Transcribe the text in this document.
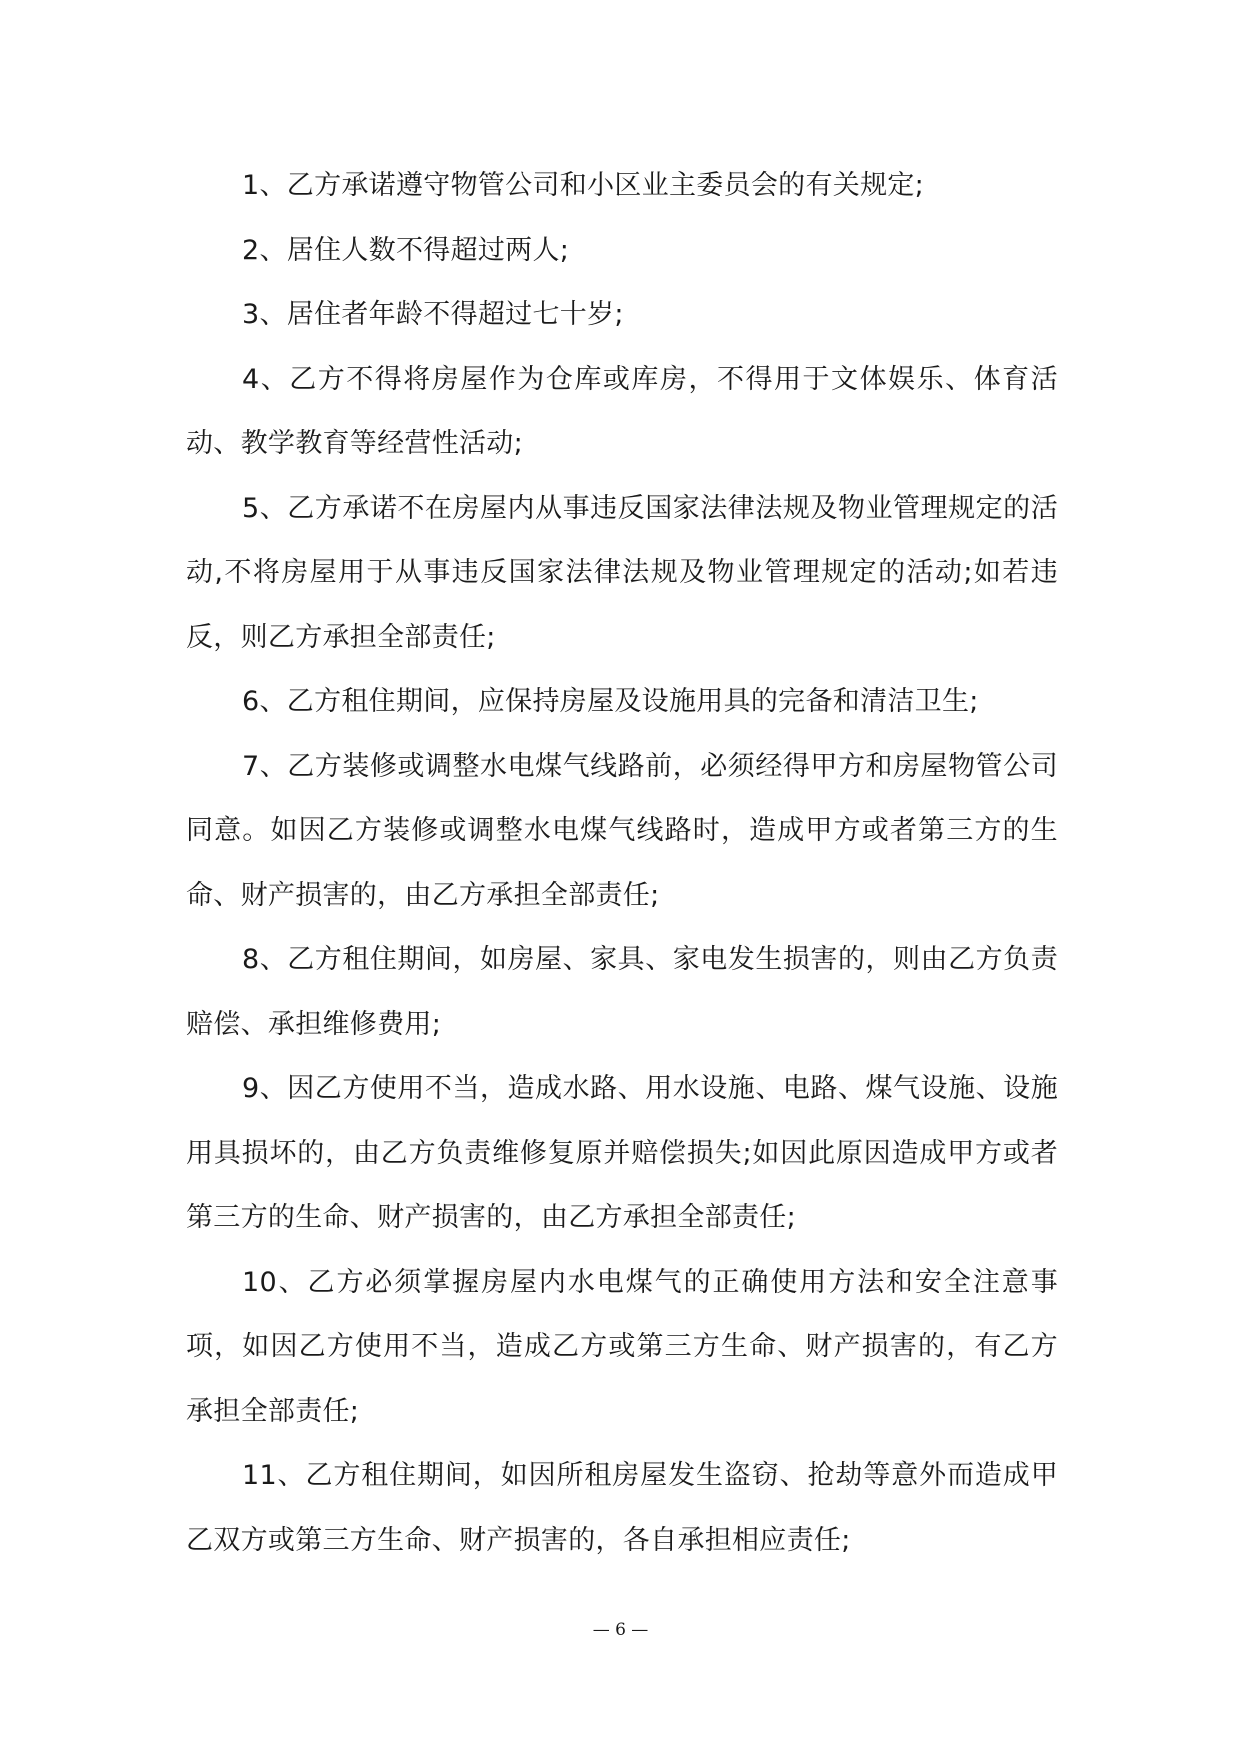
1、乙方承诺遵守物管公司和小区业主委员会的有关规定;

2、居住人数不得超过两人;

3、居住者年龄不得超过七十岁;

4、乙方不得将房屋作为仓库或库房，不得用于文体娱乐、体育活动、教学教育等经营性活动;

5、乙方承诺不在房屋内从事违反国家法律法规及物业管理规定的活动,不将房屋用于从事违反国家法律法规及物业管理规定的活动;如若违反，则乙方承担全部责任;

6、乙方租住期间，应保持房屋及设施用具的完备和清洁卫生;

7、乙方装修或调整水电煤气线路前，必须经得甲方和房屋物管公司同意。如因乙方装修或调整水电煤气线路时，造成甲方或者第三方的生命、财产损害的，由乙方承担全部责任;

8、乙方租住期间，如房屋、家具、家电发生损害的，则由乙方负责赔偿、承担维修费用;

9、因乙方使用不当，造成水路、用水设施、电路、煤气设施、设施用具损坏的，由乙方负责维修复原并赔偿损失;如因此原因造成甲方或者第三方的生命、财产损害的，由乙方承担全部责任;

10、乙方必须掌握房屋内水电煤气的正确使用方法和安全注意事项，如因乙方使用不当，造成乙方或第三方生命、财产损害的，有乙方承担全部责任;

11、乙方租住期间，如因所租房屋发生盗窃、抢劫等意外而造成甲乙双方或第三方生命、财产损害的，各自承担相应责任;

— 6 —
